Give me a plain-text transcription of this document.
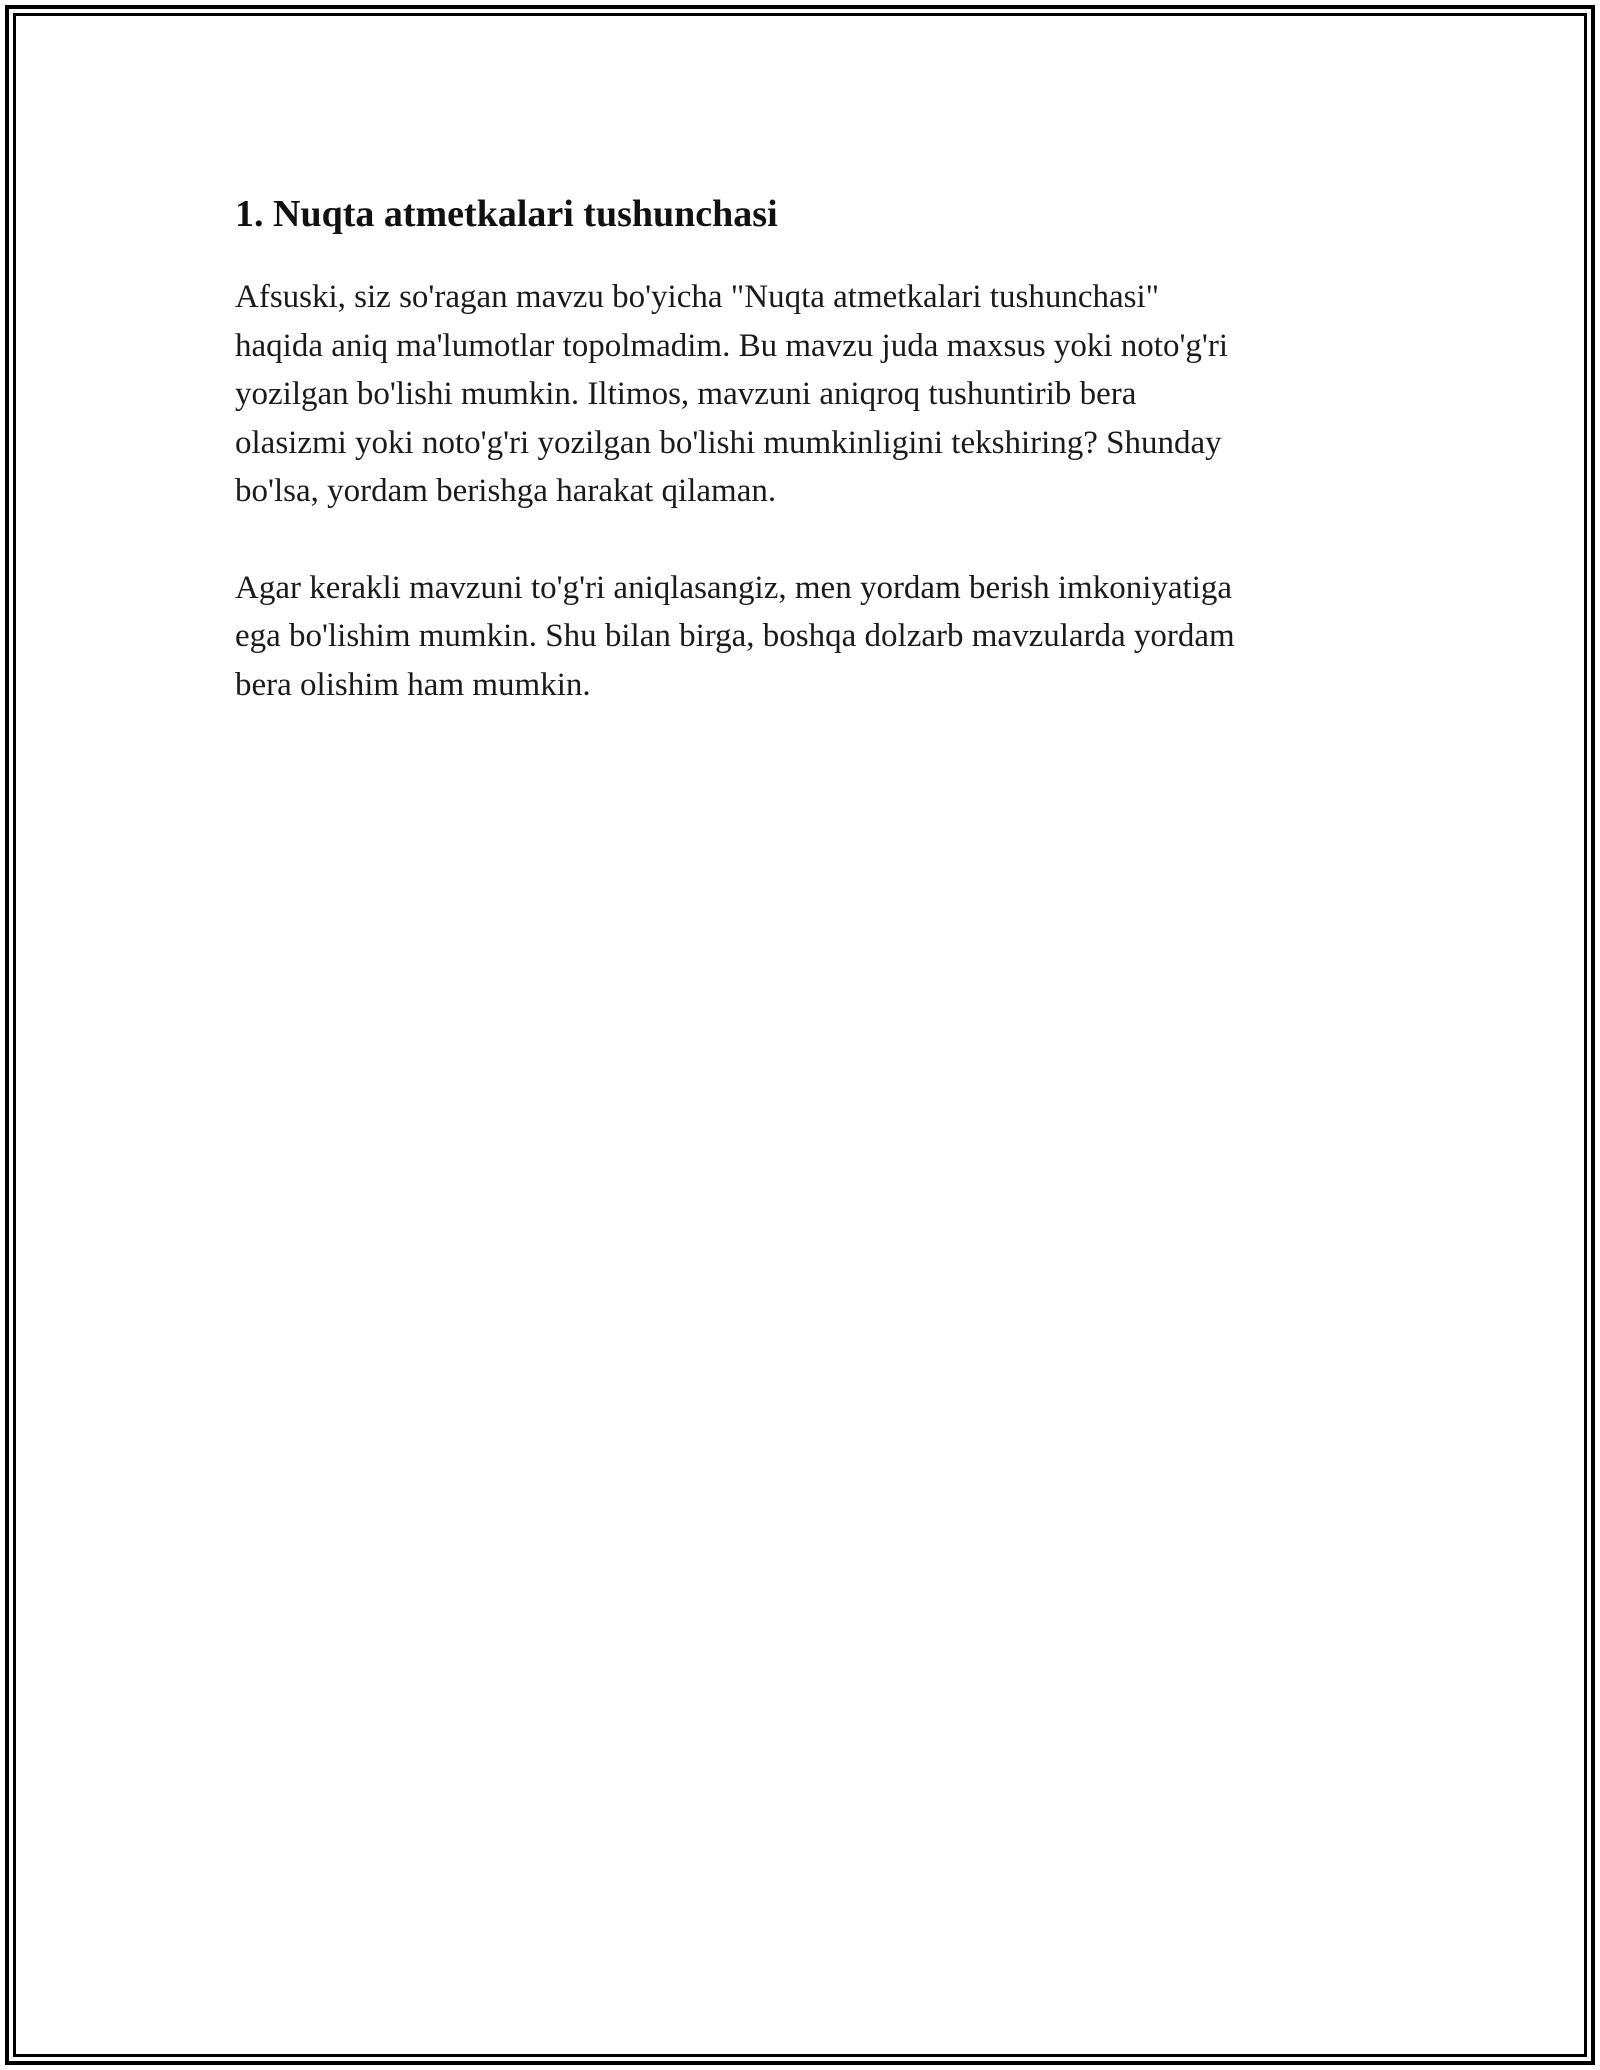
1. Nuqta atmetkalari tushunchasi

Afsuski, siz so'ragan mavzu bo'yicha "Nuqta atmetkalari tushunchasi"
haqida aniq ma'lumotlar topolmadim. Bu mavzu juda maxsus yoki noto'g'ri
yozilgan bo'lishi mumkin. Iltimos, mavzuni aniqroq tushuntirib bera
olasizmi yoki noto'g'ri yozilgan bo'lishi mumkinligini tekshiring? Shunday
bo'lsa, yordam berishga harakat qilaman.

Agar kerakli mavzuni to'g'ri aniqlasangiz, men yordam berish imkoniyatiga
ega bo'lishim mumkin. Shu bilan birga, boshqa dolzarb mavzularda yordam
bera olishim ham mumkin.
